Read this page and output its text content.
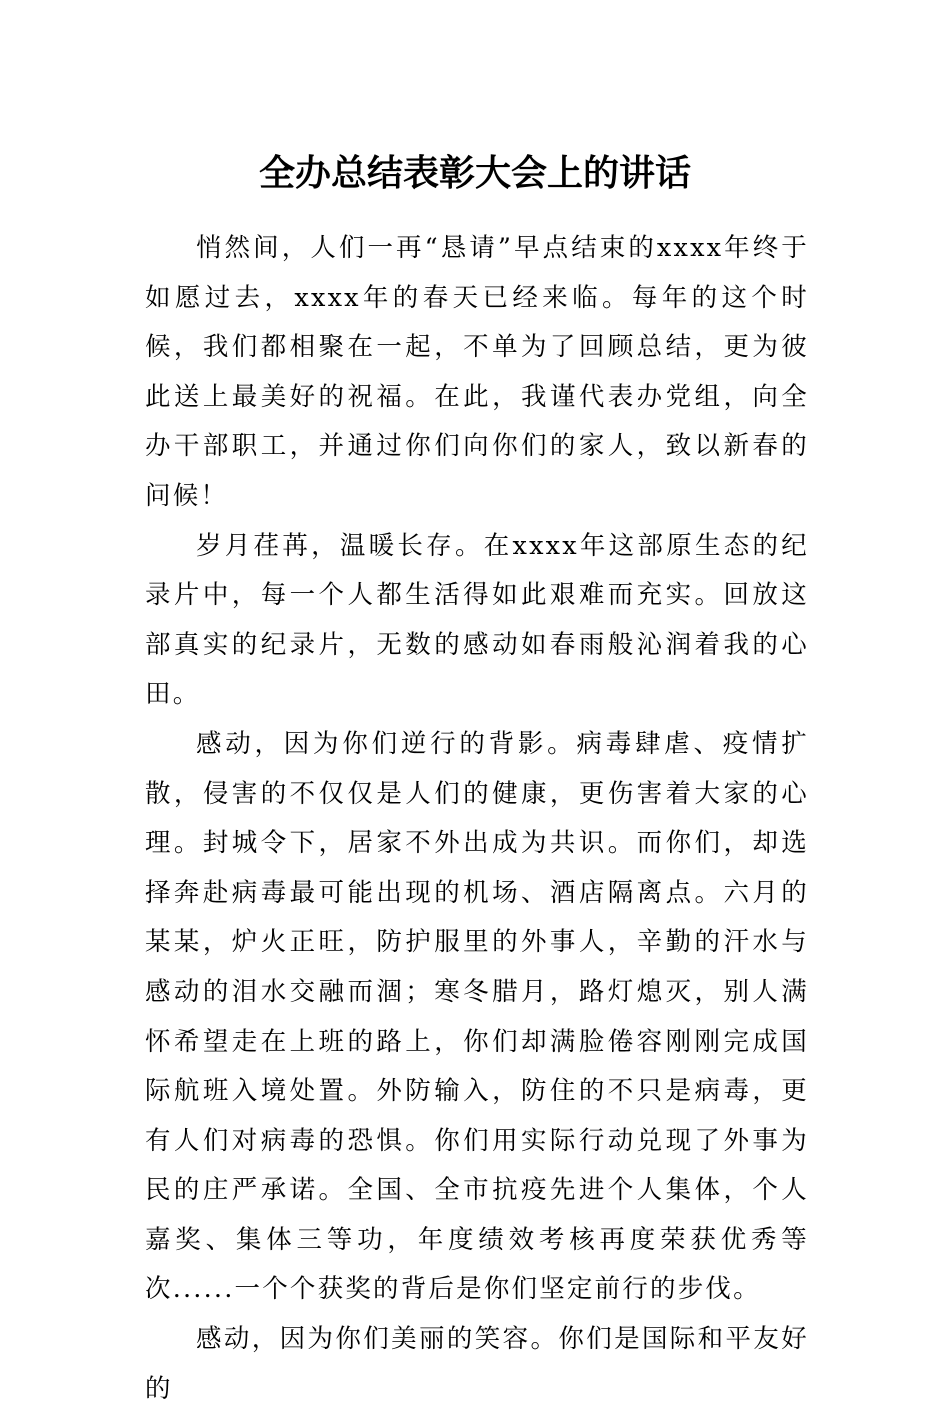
全办总结表彰大会上的讲话

悄然间，人们一再“恳请”早点结束的xxxx年终于如愿过去，xxxx年的春天已经来临。每年的这个时候，我们都相聚在一起，不单为了回顾总结，更为彼此送上最美好的祝福。在此，我谨代表办党组，向全办干部职工，并通过你们向你们的家人，致以新春的问候！

岁月荏苒，温暖长存。在xxxx年这部原生态的纪录片中，每一个人都生活得如此艰难而充实。回放这部真实的纪录片，无数的感动如春雨般沁润着我的心田。

感动，因为你们逆行的背影。病毒肆虐、疫情扩散，侵害的不仅仅是人们的健康，更伤害着大家的心理。封城令下，居家不外出成为共识。而你们，却选择奔赴病毒最可能出现的机场、酒店隔离点。六月的某某，炉火正旺，防护服里的外事人，辛勤的汗水与感动的泪水交融而涸；寒冬腊月，路灯熄灭，别人满怀希望走在上班的路上，你们却满脸倦容刚刚完成国际航班入境处置。外防输入，防住的不只是病毒，更有人们对病毒的恐惧。你们用实际行动兑现了外事为民的庄严承诺。全国、全市抗疫先进个人集体，个人嘉奖、集体三等功，年度绩效考核再度荣获优秀等次......一个个获奖的背后是你们坚定前行的步伐。

感动，因为你们美丽的笑容。你们是国际和平友好的
